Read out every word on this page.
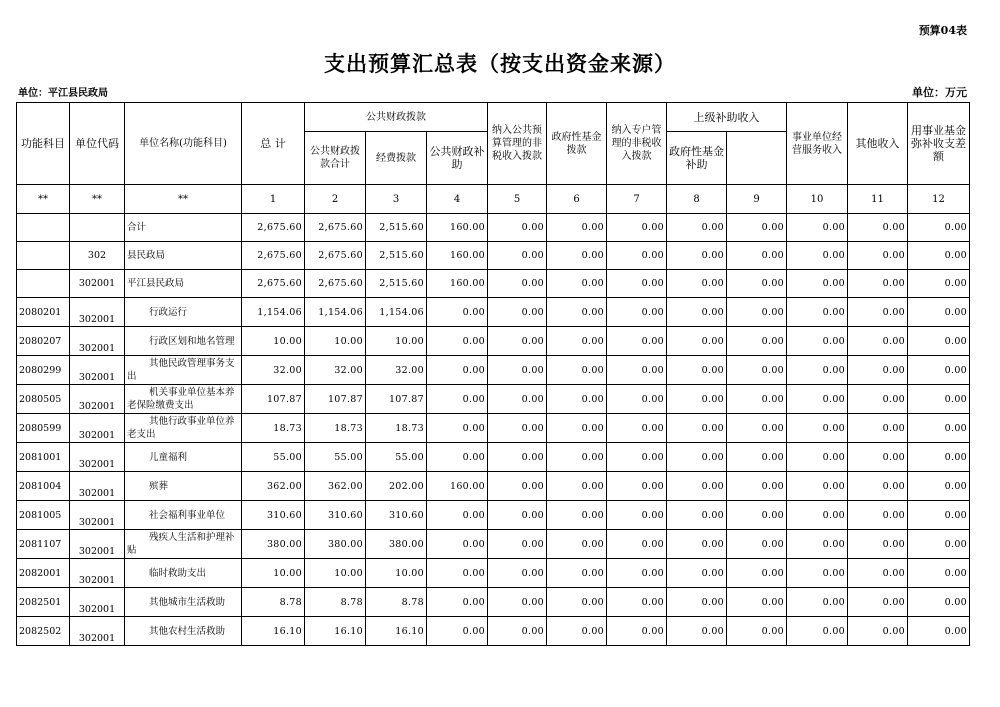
预算04表
支出预算汇总表（按支出资金来源）
单位：平江县民政局	单位：万元
功能科目	单位代码	单位名称(功能科目)	总 计	公共财政拨款			纳入公共预算管理的非税收入拨款	政府性基金拨款	纳入专户管理的非税收入拨款	上级补助收入		事业单位经营服务收入	其他收入	用事业基金弥补收支差额	
				公共财政拨款合计	经费拨款										
						公共财政补助				政府性基金补助					
**	**	**	1	2	3	4	5	6	7	8	9	10	11	12	
		合计	2,675.60	2,675.60	2,515.60	160.00	0.00	0.00	0.00	0.00	0.00	0.00	0.00	0.00	
	302	县民政局	2,675.60	2,675.60	2,515.60	160.00	0.00	0.00	0.00	0.00	0.00	0.00	0.00	0.00	
	302001	平江县民政局	2,675.60	2,675.60	2,515.60	160.00	0.00	0.00	0.00	0.00	0.00	0.00	0.00	0.00	
2080201	302001	行政运行	1,154.06	1,154.06	1,154.06	0.00	0.00	0.00	0.00	0.00	0.00	0.00	0.00	0.00	
2080207	302001	行政区划和地名管理	10.00	10.00	10.00	0.00	0.00	0.00	0.00	0.00	0.00	0.00	0.00	0.00	
2080299	302001	其他民政管理事务支出	32.00	32.00	32.00	0.00	0.00	0.00	0.00	0.00	0.00	0.00	0.00	0.00	
2080505	302001	机关事业单位基本养老保险缴费支出	107.87	107.87	107.87	0.00	0.00	0.00	0.00	0.00	0.00	0.00	0.00	0.00	
2080599	302001	其他行政事业单位养老支出	18.73	18.73	18.73	0.00	0.00	0.00	0.00	0.00	0.00	0.00	0.00	0.00	
2081001	302001	儿童福利	55.00	55.00	55.00	0.00	0.00	0.00	0.00	0.00	0.00	0.00	0.00	0.00	
2081004	302001	殡葬	362.00	362.00	202.00	160.00	0.00	0.00	0.00	0.00	0.00	0.00	0.00	0.00	
2081005	302001	社会福利事业单位	310.60	310.60	310.60	0.00	0.00	0.00	0.00	0.00	0.00	0.00	0.00	0.00	
2081107	302001	残疾人生活和护理补贴	380.00	380.00	380.00	0.00	0.00	0.00	0.00	0.00	0.00	0.00	0.00	0.00	
2082001	302001	临时救助支出	10.00	10.00	10.00	0.00	0.00	0.00	0.00	0.00	0.00	0.00	0.00	0.00	
2082501	302001	其他城市生活救助	8.78	8.78	8.78	0.00	0.00	0.00	0.00	0.00	0.00	0.00	0.00	0.00	
2082502	302001	其他农村生活救助	16.10	16.10	16.10	0.00	0.00	0.00	0.00	0.00	0.00	0.00	0.00	0.00	
